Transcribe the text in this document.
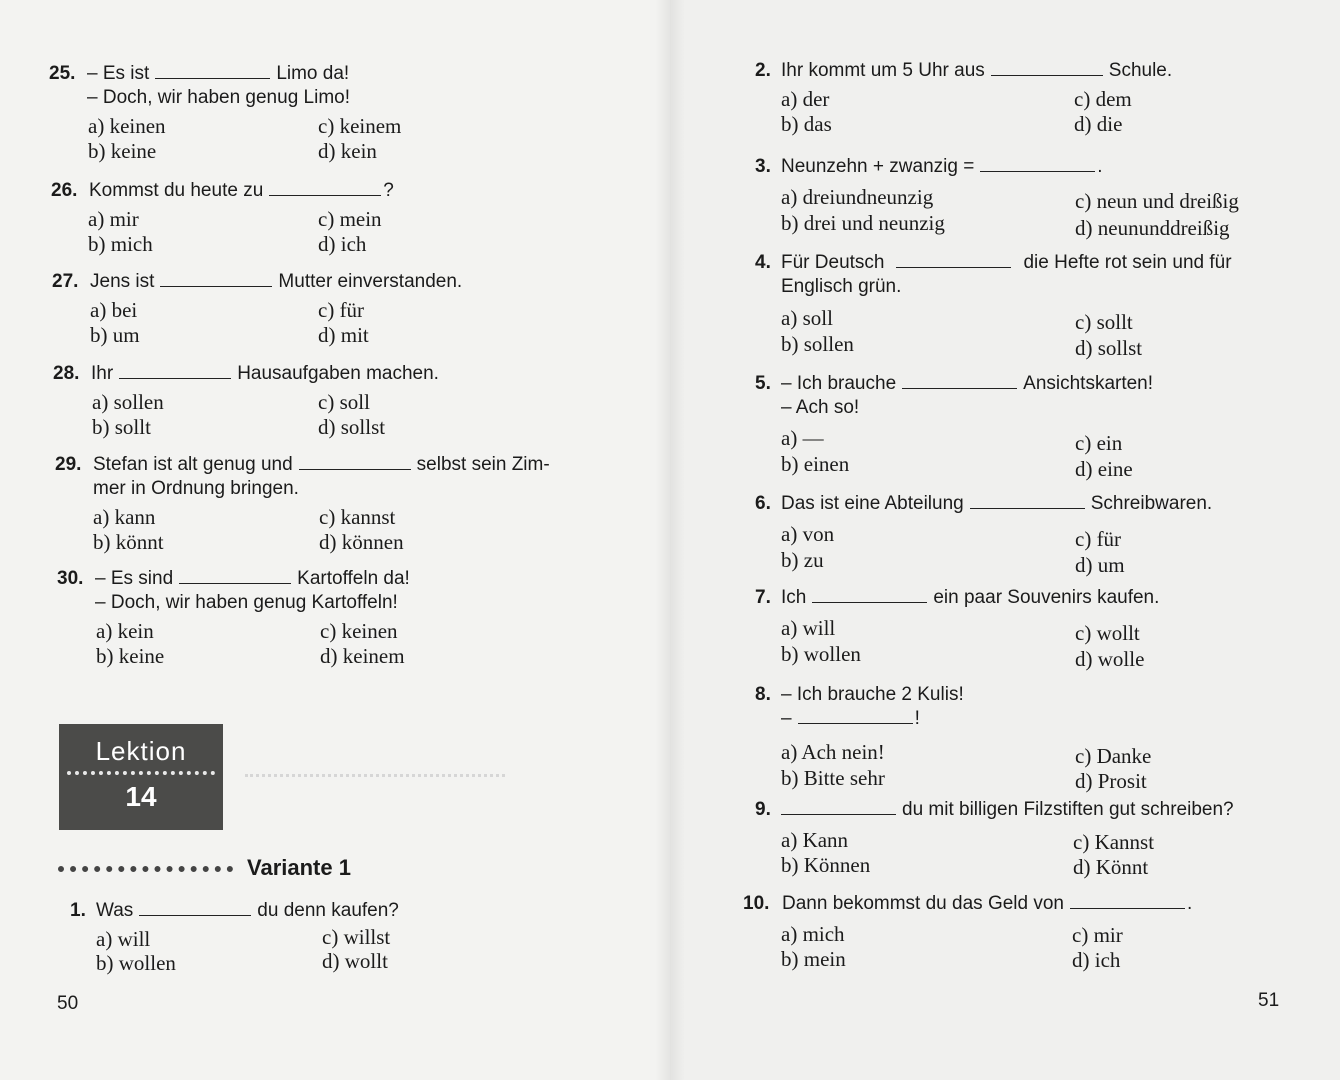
25. – Es ist	Limo da!
– Doch, wir haben genug Limo!
a) keinen	c) keinem
b) keine	d) kein
26. Kommst du heute zu	?
a) mir	c) mein
b) mich	d) ich
27. Jens ist	Mutter einverstanden.
a) bei	c) für
b) um	d) mit
28. Ihr	Hausaufgaben machen.
a) sollen	c) soll
b) sollt	d) sollst
29. Stefan ist alt genug und	selbst sein Zim-
mer in Ordnung bringen.
a) kann	c) kannst
b) könnt	d) können
30. – Es sind	Kartoffeln da!
– Doch, wir haben genug Kartoffeln!
a) kein	c) keinen
b) keine	d) keinem
Lektion
14
Variante 1
1. Was	du denn kaufen?
a) will	c) willst
b) wollen	d) wollt
50
2. Ihr kommt um 5 Uhr aus	Schule.
a) der	c) dem
b) das	d) die
3. Neunzehn + zwanzig =	.
a) dreiundneunzig	c) neun und dreißig
b) drei und neunzig	d) neununddreißig
4. Für Deutsch	die Hefte rot sein und für
Englisch grün.
a) soll	c) sollt
b) sollen	d) sollst
5. – Ich brauche	Ansichtskarten!
– Ach so!
a) —	c) ein
b) einen	d) eine
6. Das ist eine Abteilung	Schreibwaren.
a) von	c) für
b) zu	d) um
7. Ich	ein paar Souvenirs kaufen.
a) will	c) wollt
b) wollen	d) wolle
8. – Ich brauche 2 Kulis!
–	!
a) Ach nein!	c) Danke
b) Bitte sehr	d) Prosit
9.	du mit billigen Filzstiften gut schreiben?
a) Kann	c) Kannst
b) Können	d) Könnt
10. Dann bekommst du das Geld von	.
a) mich	c) mir
b) mein	d) ich
51
